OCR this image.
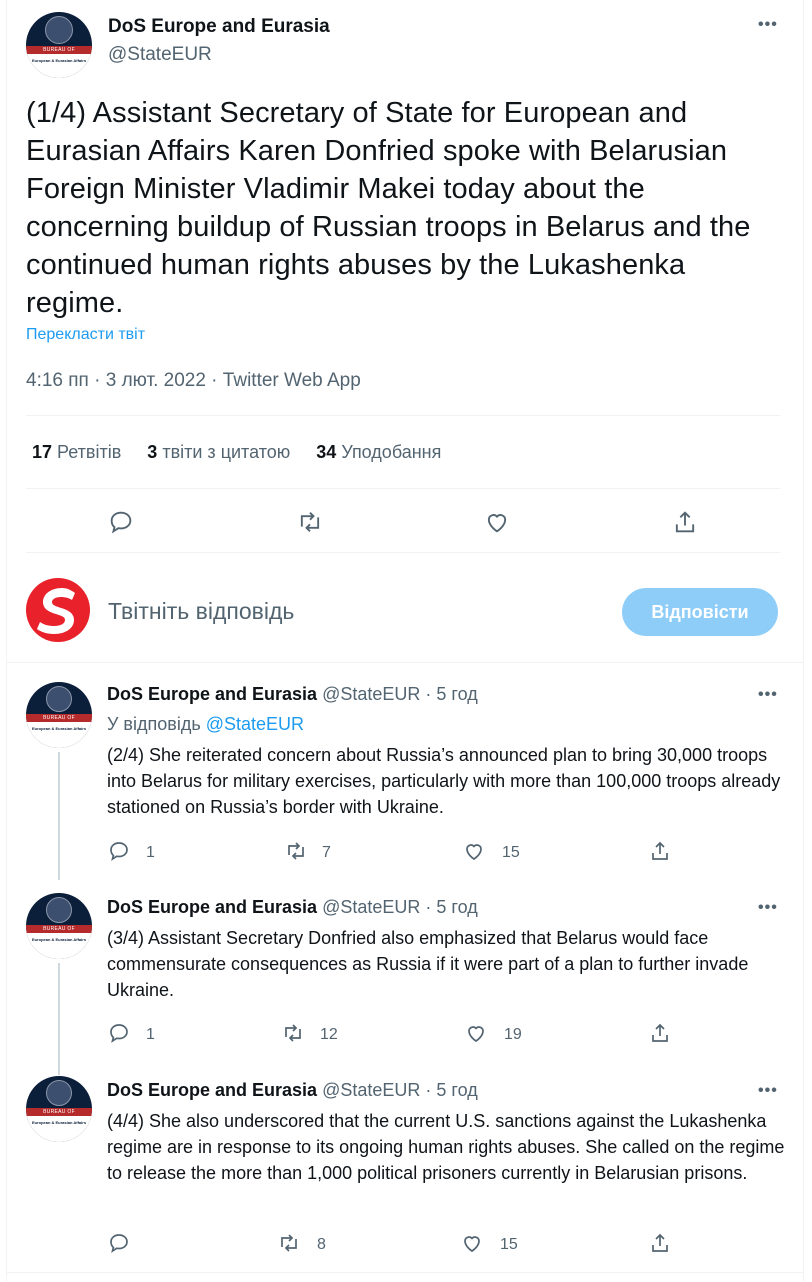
BUREAU OF
European & Eurasian Affairs
DoS Europe and Eurasia
@StateEUR
•••
(1/4) Assistant Secretary of State for European and Eurasian Affairs Karen Donfried spoke with Belarusian Foreign Minister Vladimir Makei today about the concerning buildup of Russian troops in Belarus and the continued human rights abuses by the Lukashenka regime.
Перекласти твіт
4:16 пп · 3 лют. 2022 · Twitter Web App
17 Ретвітів 3 твіти з цитатою 34 Уподобання
Твітніть відповідь	Відповісти
BUREAU OF
European & Eurasian Affairs
DoS Europe and Eurasia @StateEUR · 5 год	•••
У відповідь @StateEUR
(2/4) She reiterated concern about Russia’s announced plan to bring 30,000 troops into Belarus for military exercises, particularly with more than 100,000 troops already stationed on Russia’s border with Ukraine.
1	7	15
BUREAU OF
European & Eurasian Affairs
DoS Europe and Eurasia @StateEUR · 5 год	•••
(3/4) Assistant Secretary Donfried also emphasized that Belarus would face commensurate consequences as Russia if it were part of a plan to further invade Ukraine.
1	12	19
BUREAU OF
European & Eurasian Affairs
DoS Europe and Eurasia @StateEUR · 5 год	•••
(4/4) She also underscored that the current U.S. sanctions against the Lukashenka regime are in response to its ongoing human rights abuses. She called on the regime to release the more than 1,000 political prisoners currently in Belarusian prisons.
8	15
